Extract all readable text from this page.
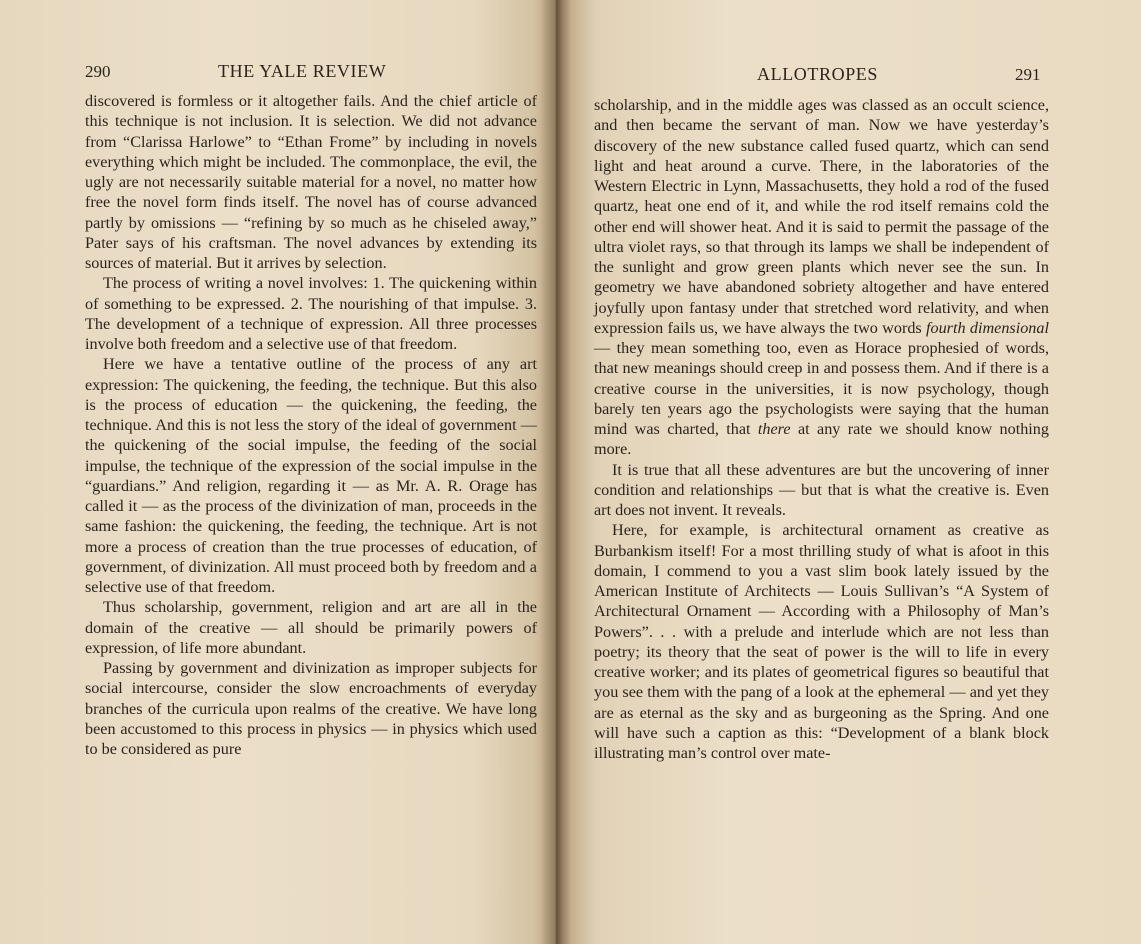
290	THE YALE REVIEW

discovered is formless or it altogether fails. And the chief article of this technique is not inclusion. It is selection. We did not advance from “Clarissa Harlowe” to “Ethan Frome” by including in novels everything which might be included. The commonplace, the evil, the ugly are not necessarily suitable material for a novel, no matter how free the novel form finds itself. The novel has of course advanced partly by omissions — “refining by so much as he chiseled away,” Pater says of his craftsman. The novel advances by extending its sources of material. But it arrives by selection.

The process of writing a novel involves: 1. The quickening within of something to be expressed. 2. The nourishing of that impulse. 3. The development of a technique of expression. All three processes involve both freedom and a selective use of that freedom.

Here we have a tentative outline of the process of any art expression: The quickening, the feeding, the technique. But this also is the process of education — the quickening, the feeding, the technique. And this is not less the story of the ideal of government — the quickening of the social impulse, the feeding of the social impulse, the technique of the expression of the social impulse in the “guardians.” And religion, regarding it — as Mr. A. R. Orage has called it — as the process of the divinization of man, proceeds in the same fashion: the quickening, the feeding, the technique. Art is not more a process of creation than the true processes of education, of government, of divinization. All must proceed both by freedom and a selective use of that freedom.

Thus scholarship, government, religion and art are all in the domain of the creative — all should be primarily powers of expression, of life more abundant.

Passing by government and divinization as improper subjects for social intercourse, consider the slow encroachments of everyday branches of the curricula upon realms of the creative. We have long been accustomed to this process in physics — in physics which used to be considered as pure

ALLOTROPES	291

scholarship, and in the middle ages was classed as an occult science, and then became the servant of man. Now we have yesterday’s discovery of the new substance called fused quartz, which can send light and heat around a curve. There, in the laboratories of the Western Electric in Lynn, Massachusetts, they hold a rod of the fused quartz, heat one end of it, and while the rod itself remains cold the other end will shower heat. And it is said to permit the passage of the ultra violet rays, so that through its lamps we shall be independent of the sunlight and grow green plants which never see the sun. In geometry we have abandoned sobriety altogether and have entered joyfully upon fantasy under that stretched word relativity, and when expression fails us, we have always the two words fourth dimensional — they mean something too, even as Horace prophesied of words, that new meanings should creep in and possess them. And if there is a creative course in the universities, it is now psychology, though barely ten years ago the psychologists were saying that the human mind was charted, that there at any rate we should know nothing more.

It is true that all these adventures are but the uncovering of inner condition and relationships — but that is what the creative is. Even art does not invent. It reveals.

Here, for example, is architectural ornament as creative as Burbankism itself! For a most thrilling study of what is afoot in this domain, I commend to you a vast slim book lately issued by the American Institute of Architects — Louis Sullivan’s “A System of Architectural Ornament — According with a Philosophy of Man’s Powers”. . . with a prelude and interlude which are not less than poetry; its theory that the seat of power is the will to life in every creative worker; and its plates of geometrical figures so beautiful that you see them with the pang of a look at the ephemeral — and yet they are as eternal as the sky and as burgeoning as the Spring. And one will have such a caption as this: “Development of a blank block illustrating man’s control over mate-
